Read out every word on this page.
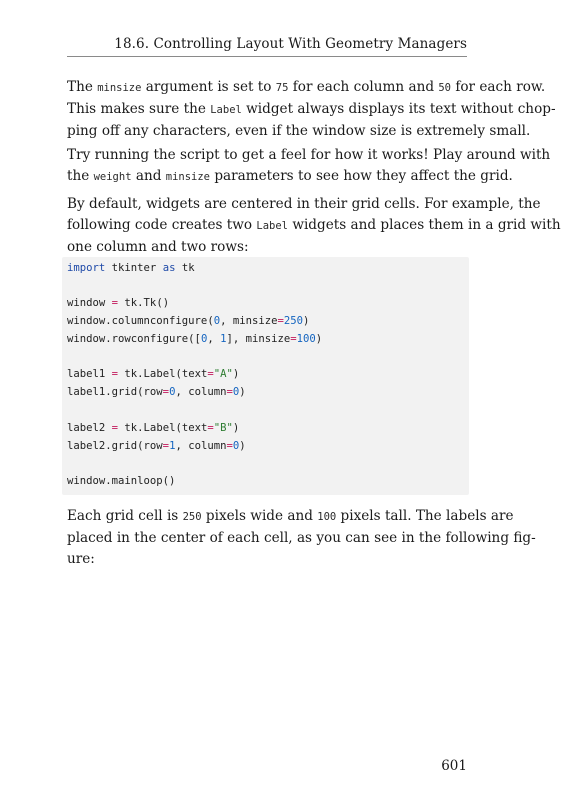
18.6. Controlling Layout With Geometry Managers

The minsize argument is set to 75 for each column and 50 for each row.
This makes sure the Label widget always displays its text without chop-
ping off any characters, even if the window size is extremely small.

Try running the script to get a feel for how it works! Play around with
the weight and minsize parameters to see how they affect the grid.

By default, widgets are centered in their grid cells. For example, the
following code creates two Label widgets and places them in a grid with
one column and two rows:

import tkinter as tk
window = tk.Tk()
window.columnconfigure(0, minsize=250)
window.rowconfigure([0, 1], minsize=100)
label1 = tk.Label(text="A")
label1.grid(row=0, column=0)
label2 = tk.Label(text="B")
label2.grid(row=1, column=0)
window.mainloop()

Each grid cell is 250 pixels wide and 100 pixels tall. The labels are
placed in the center of each cell, as you can see in the following fig-
ure:

601
